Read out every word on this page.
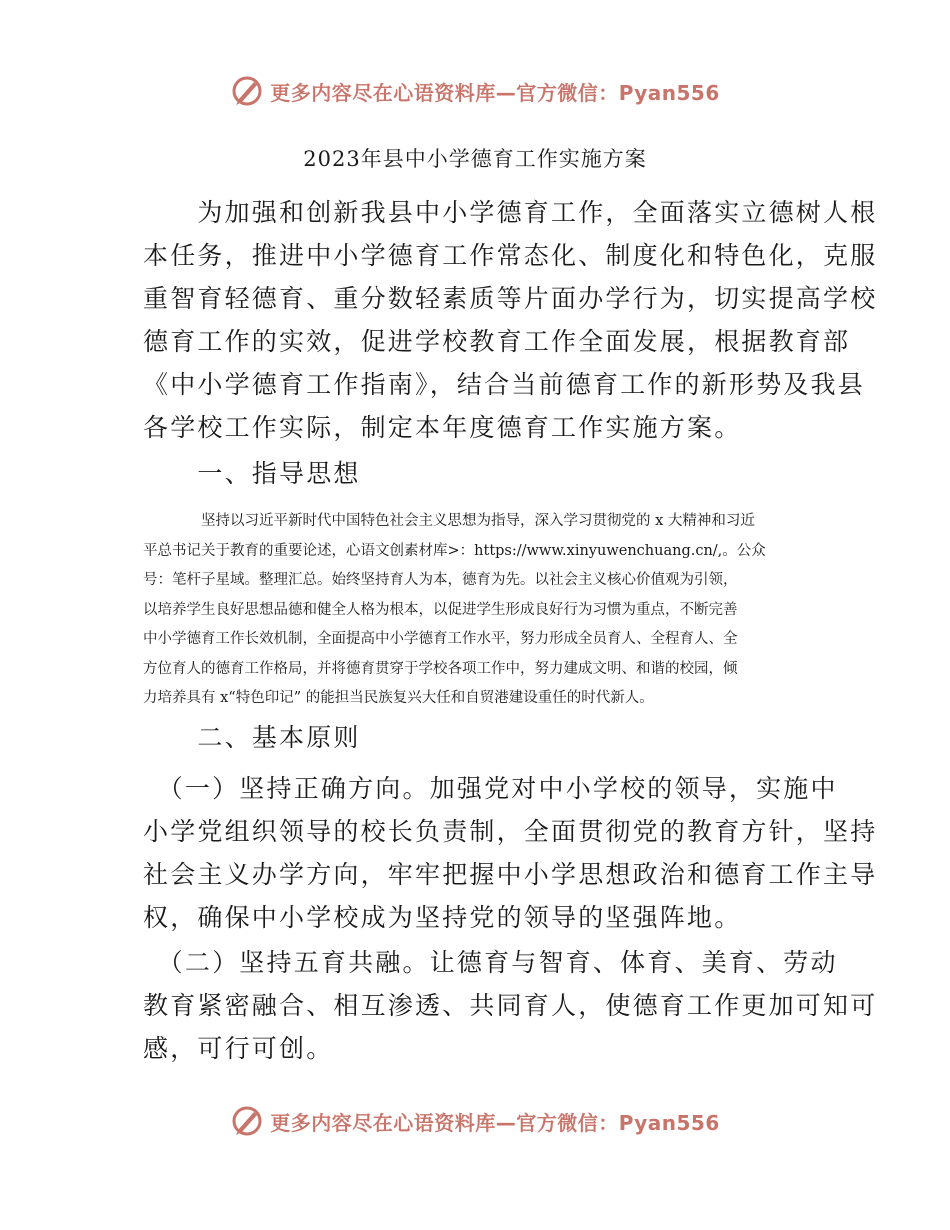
更多内容尽在心语资料库—官方微信：Pyan556
2023年县中小学德育工作实施方案
　　为加强和创新我县中小学德育工作，全面落实立德树人根
本任务，推进中小学德育工作常态化、制度化和特色化，克服
重智育轻德育、重分数轻素质等片面办学行为，切实提高学校
德育工作的实效，促进学校教育工作全面发展，根据教育部
《中小学德育工作指南》，结合当前德育工作的新形势及我县
各学校工作实际，制定本年度德育工作实施方案。
　　一、指导思想
　　　　坚持以习近平新时代中国特色社会主义思想为指导，深入学习贯彻党的 x 大精神和习近
平总书记关于教育的重要论述，心语文创素材库>：https://www.xinyuwenchuang.cn/,。公众
号：笔杆子星域。整理汇总。始终坚持育人为本，德育为先。以社会主义核心价值观为引领，
以培养学生良好思想品德和健全人格为根本，以促进学生形成良好行为习惯为重点，不断完善
中小学德育工作长效机制，全面提高中小学德育工作水平，努力形成全员育人、全程育人、全
方位育人的德育工作格局，并将德育贯穿于学校各项工作中，努力建成文明、和谐的校园，倾
力培养具有 x“特色印记” 的能担当民族复兴大任和自贸港建设重任的时代新人。
　　二、基本原则
　（一）坚持正确方向。加强党对中小学校的领导，实施中
小学党组织领导的校长负责制，全面贯彻党的教育方针，坚持
社会主义办学方向，牢牢把握中小学思想政治和德育工作主导
权，确保中小学校成为坚持党的领导的坚强阵地。
　（二）坚持五育共融。让德育与智育、体育、美育、劳动
教育紧密融合、相互渗透、共同育人，使德育工作更加可知可
感，可行可创。
更多内容尽在心语资料库—官方微信：Pyan556
